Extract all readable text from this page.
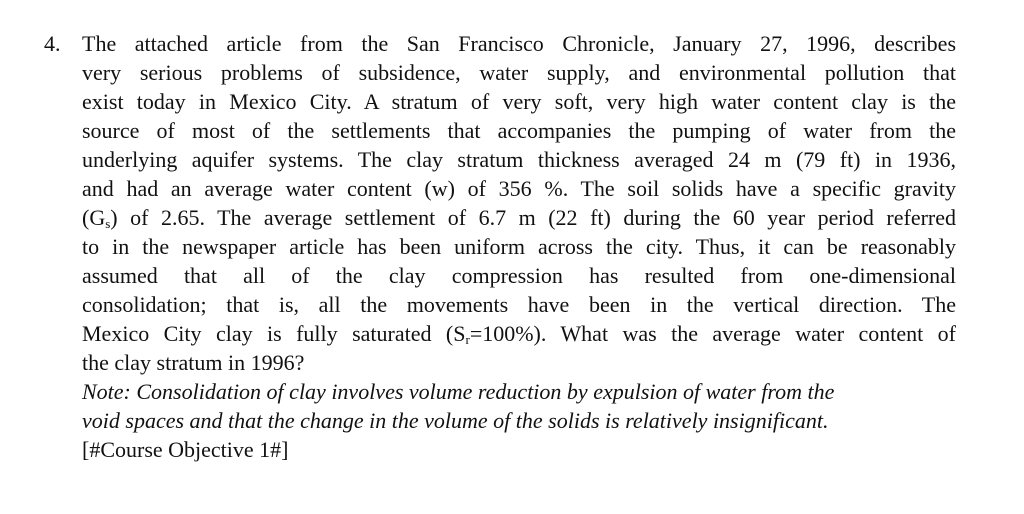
4. The attached article from the San Francisco Chronicle, January 27, 1996, describes
very serious problems of subsidence, water supply, and environmental pollution that
exist today in Mexico City. A stratum of very soft, very high water content clay is the
source of most of the settlements that accompanies the pumping of water from the
underlying aquifer systems. The clay stratum thickness averaged 24 m (79 ft) in 1936,
and had an average water content (w) of 356 %. The soil solids have a specific gravity
$(G_s)$ of 2.65. The average settlement of 6.7 m (22 ft) during the 60 year period referred
to in the newspaper article has been uniform across the city. Thus, it can be reasonably
assumed that all of the clay compression has resulted from one-dimensional
consolidation; that is, all the movements have been in the vertical direction. The
Mexico City clay is fully saturated $(S_r=100\%)$. What was the average water content of
the clay stratum in 1996?
Note: Consolidation of clay involves volume reduction by expulsion of water from the
void spaces and that the change in the volume of the solids is relatively insignificant.
[#Course Objective 1#]
